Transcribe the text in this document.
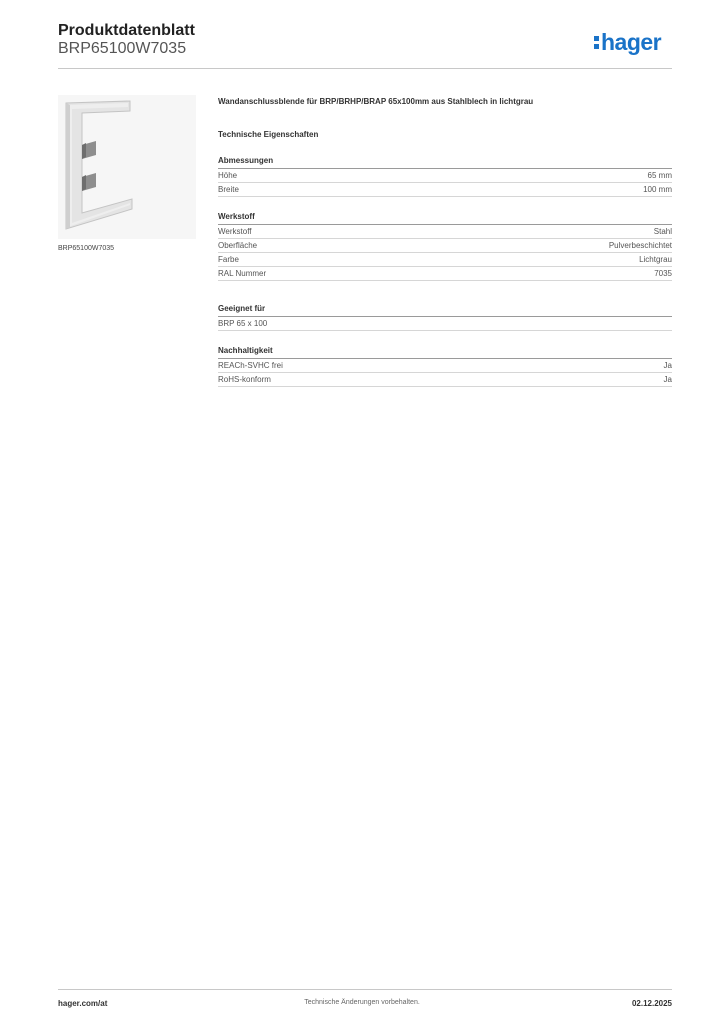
Produktdatenblatt
BRP65100W7035	hager
BRP65100W7035
Wandanschlussblende für BRP/BRHP/BRAP 65x100mm aus Stahlblech in lichtgrau
Technische Eigenschaften
Abmessungen
Höhe	65 mm
Breite	100 mm
Werkstoff
Werkstoff	Stahl
Oberfläche	Pulverbeschichtet
Farbe	Lichtgrau
RAL Nummer	7035
Geeignet für
BRP 65 x 100
Nachhaltigkeit
REACh-SVHC frei	Ja
RoHS-konform	Ja
hager.com/at	Technische Änderungen vorbehalten.	02.12.2025
